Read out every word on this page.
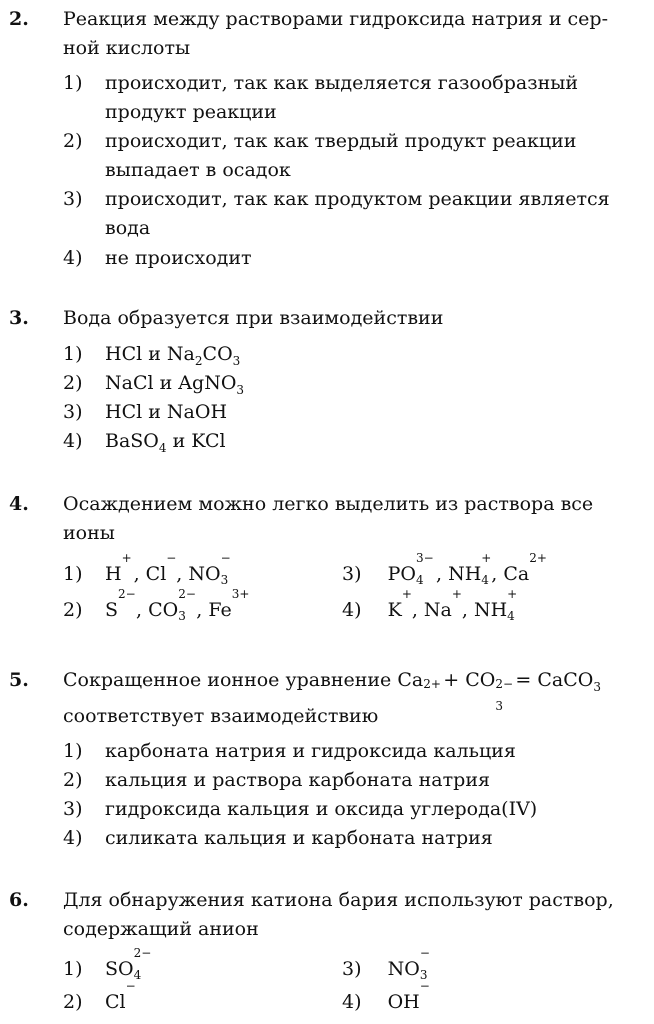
2. Реакция между растворами гидроксида натрия и сер-
ной кислоты
1) происходит, так как выделяется газообразный
продукт реакции
2) происходит, так как твердый продукт реакции
выпадает в осадок
3) происходит, так как продуктом реакции является
вода
4) не происходит
3. Вода образуется при взаимодействии
1) HCl и $Na_2CO_3$
2) NaCl и AgNO$_3$
3) HCl и NaOH
4) BaSO$_4$ и KCl
4. Осаждением можно легко выделить из раствора все
ионы
1) H
+
, Cl
−
, NO
−
3	3) PO
3−
4 , NH
+
4 , Ca
2+
2) S
2−
, CO
2−
3 , Fe
3+
4) K
+
, Na
+
, NH
+
4
5. Сокращенное ионное уравнение Ca 2+
+ CO 2−
3
= CaCO$_3$
соответствует взаимодействию
1) карбоната натрия и гидроксида кальция
2) кальция и раствора карбоната натрия
3) гидроксида кальция и оксида углерода(IV)
4) силиката кальция и карбоната натрия
6. Для обнаружения катиона бария используют раствор,
содержащий анион
1) SO
2−
4	3) NO
−
3
2) Cl
−
4) OH
−
